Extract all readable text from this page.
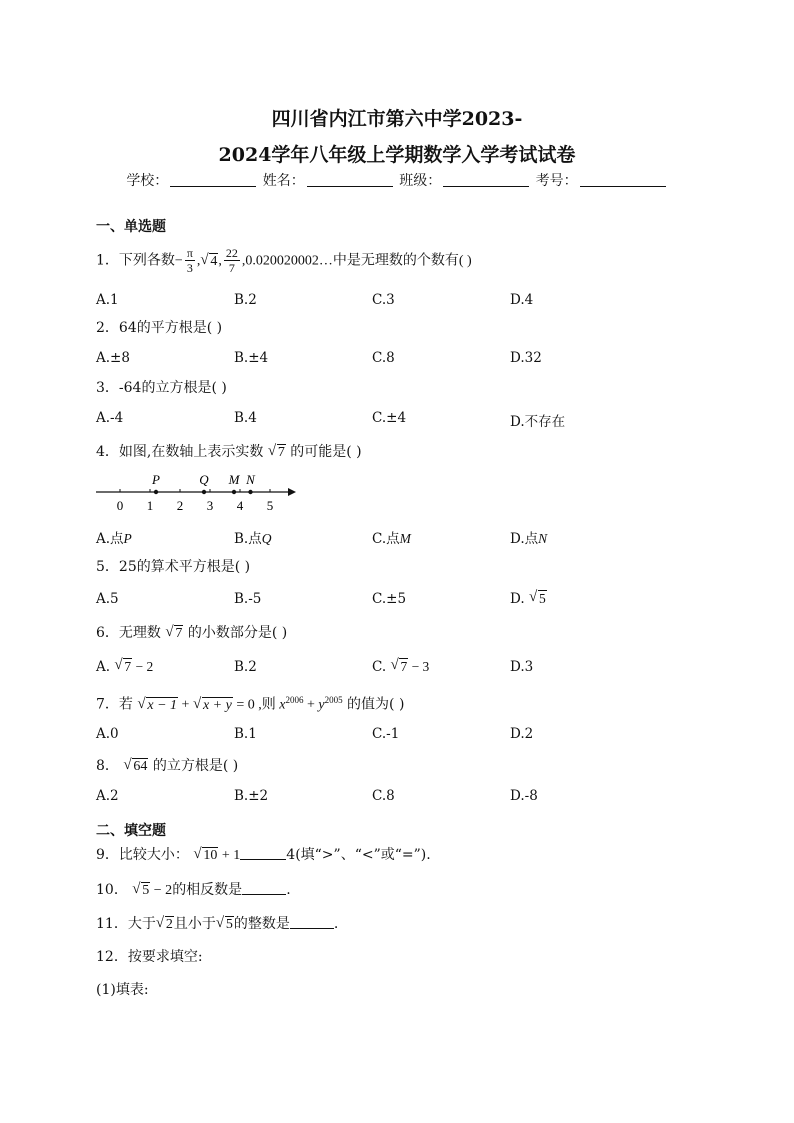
四川省内江市第六中学2023-
2024学年八年级上学期数学入学考试试卷
学校：	姓名：	班级：	考号：
一、单选题
1．下列各数− $\frac{\pi}{3}$ , √ 4, $\frac{22}{7}$ ,0.020020002…中是无理数的个数有( )
A.1	B.2	C.3	D.4
2．64的平方根是( )
A.±8	B.±4	C.8	D.32
3．-64的立方根是( )
A.-4	B.4	C.±4	D.不存在
4．如图,在数轴上表示实数 √ 7 的可能是( )
0 1 2 3 4 5
P	Q M N
A.点P	B.点Q	C.点M	D.点N
5．25的算术平方根是( )
A.5	B.-5	C.±5	D. √ 5
6．无理数 √ 7 的小数部分是( )
A. √ 7 − 2	B.2	C. √ 7 − 3	D.3
7．若 √ x − 1 + √ x + y = 0 ,则 $x^{2006} + y^{2005}$ 的值为( )
A.0	B.1	C.-1	D.2
8． √ 64 的立方根是( )
A.2	B.±2	C.8	D.-8
二、填空题
9．比较大小： √ 10 + 1	4(填“>”、“<”或“=”).
10． √ 5 − 2的相反数是	.
11．大于 √ 2且小于 √ 5的整数是	.
12．按要求填空:
(1)填表:
